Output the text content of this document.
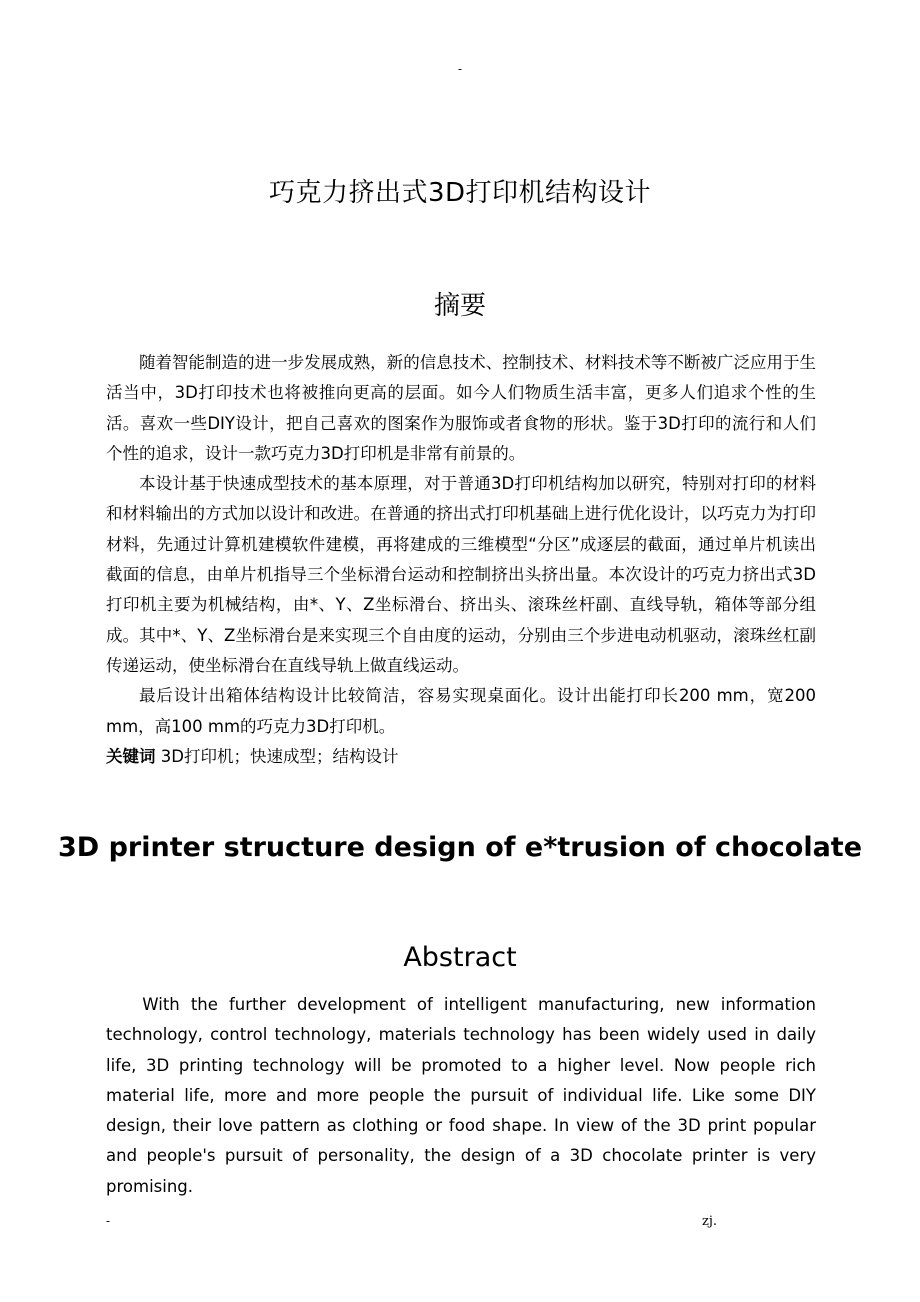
-
巧克力挤出式3D打印机结构设计
摘要

随着智能制造的进一步发展成熟，新的信息技术、控制技术、材料技术等不断被广泛应用于生活当中，3D打印技术也将被推向更高的层面。如今人们物质生活丰富，更多人们追求个性的生活。喜欢一些DIY设计，把自己喜欢的图案作为服饰或者食物的形状。鉴于3D打印的流行和人们个性的追求，设计一款巧克力3D打印机是非常有前景的。

本设计基于快速成型技术的基本原理，对于普通3D打印机结构加以研究，特别对打印的材料和材料输出的方式加以设计和改进。在普通的挤出式打印机基础上进行优化设计，以巧克力为打印材料，先通过计算机建模软件建模，再将建成的三维模型“分区”成逐层的截面，通过单片机读出截面的信息，由单片机指导三个坐标滑台运动和控制挤出头挤出量。本次设计的巧克力挤出式3D打印机主要为机械结构，由*、Y、Z坐标滑台、挤出头、滚珠丝杆副、直线导轨，箱体等部分组成。其中*、Y、Z坐标滑台是来实现三个自由度的运动，分别由三个步进电动机驱动，滚珠丝杠副传递运动，使坐标滑台在直线导轨上做直线运动。

最后设计出箱体结构设计比较简洁，容易实现桌面化。设计出能打印长200 mm，宽200 mm，高100 mm的巧克力3D打印机。

关键词 3D打印机；快速成型；结构设计

3D printer structure design of e*trusion of chocolate
Abstract

With the further development of intelligent manufacturing, new information technology, control technology, materials technology has been widely used in daily life, 3D printing technology will be promoted to a higher level. Now people rich material life, more and more people the pursuit of individual life. Like some DIY design, their love pattern as clothing or food shape. In view of the 3D print popular and people's pursuit of personality, the design of a 3D chocolate printer is very promising.

-	zj.
